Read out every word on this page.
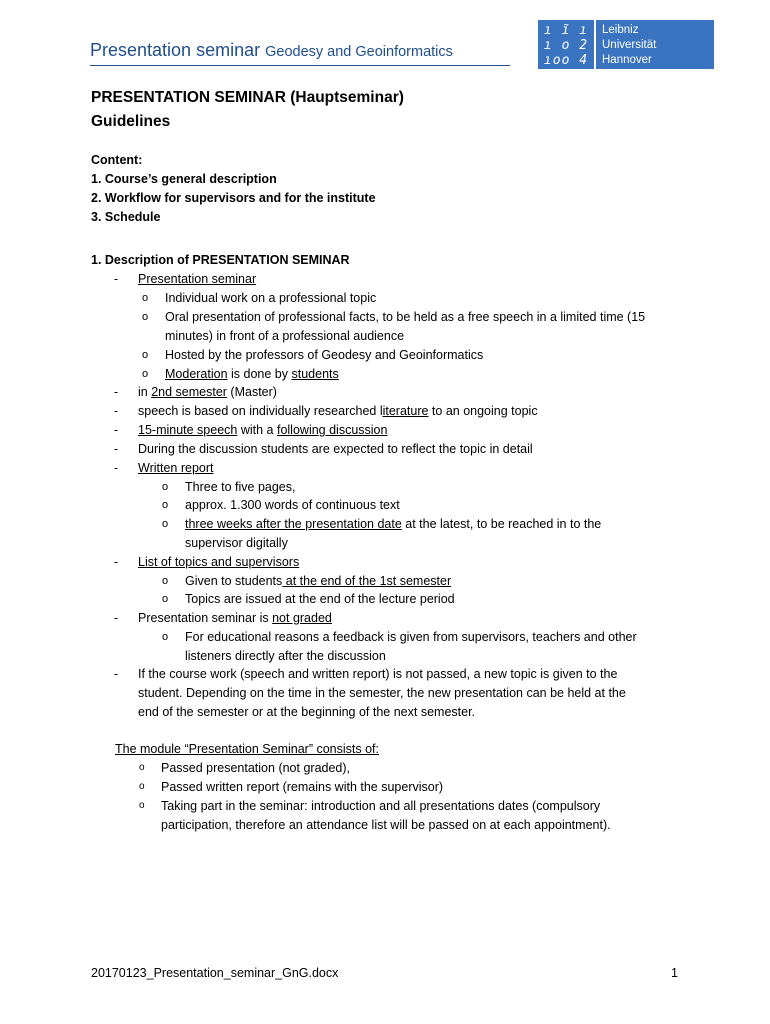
Presentation seminar Geodesy and Geoinformatics
ı ĩ ı
ı o 2
ıoo 4
Leibniz
Universität
Hannover
PRESENTATION SEMINAR (Hauptseminar)
Guidelines
Content:
1. Course’s general description
2. Workflow for supervisors and for the institute
3. Schedule
1. Description of PRESENTATION SEMINAR
- Presentation seminar
o Individual work on a professional topic
o Oral presentation of professional facts, to be held as a free speech in a limited time (15
minutes) in front of a professional audience
o Hosted by the professors of Geodesy and Geoinformatics
o Moderation is done by students
- in 2nd semester (Master)
- speech is based on individually researched literature to an ongoing topic
- 15-minute speech with a following discussion
- During the discussion students are expected to reflect the topic in detail
- Written report
o Three to five pages,
o approx. 1.300 words of continuous text
o three weeks after the presentation date at the latest, to be reached in to the
supervisor digitally
- List of topics and supervisors
o Given to students at the end of the 1st semester
o Topics are issued at the end of the lecture period
- Presentation seminar is not graded
o For educational reasons a feedback is given from supervisors, teachers and other
listeners directly after the discussion
- If the course work (speech and written report) is not passed, a new topic is given to the
student. Depending on the time in the semester, the new presentation can be held at the
end of the semester or at the beginning of the next semester.
The module “Presentation Seminar” consists of:
o Passed presentation (not graded),
o Passed written report (remains with the supervisor)
o Taking part in the seminar: introduction and all presentations dates (compulsory
participation, therefore an attendance list will be passed on at each appointment).
20170123_Presentation_seminar_GnG.docx	1
